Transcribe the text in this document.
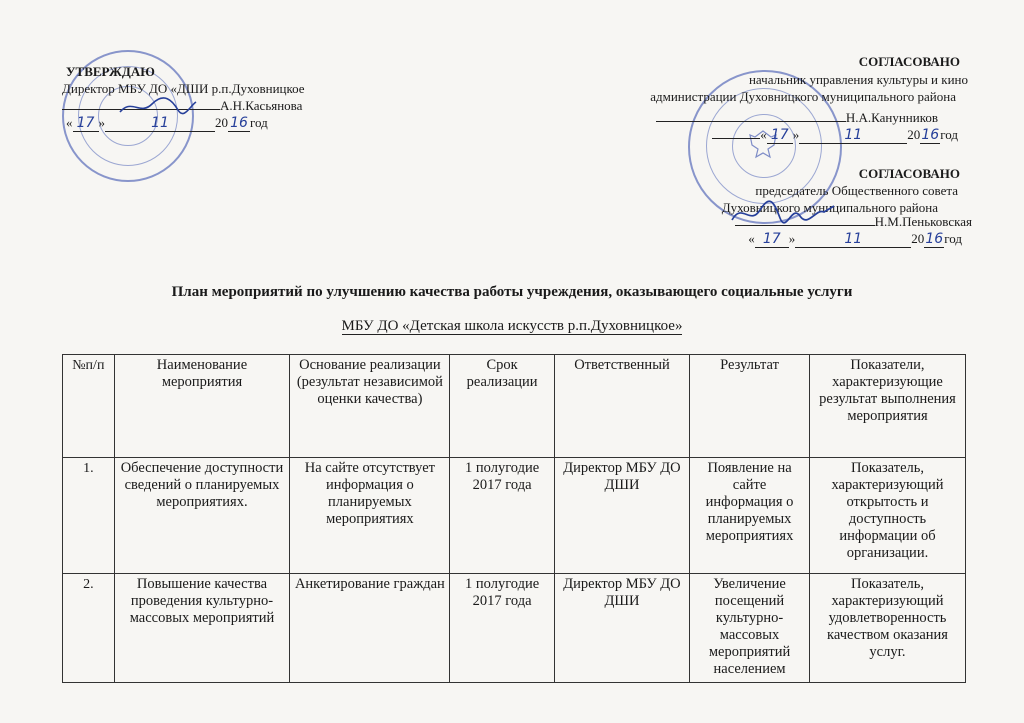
УТВЕРЖДАЮ
Директор МБУ ДО «ДШИ р.п.Духовницкое
А.Н.Касьянова
« 17 »	11	20 16 год
СОГЛАСОВАНО
начальник управления культуры и кино
администрации Духовницкого муниципального района
Н.А.Канунников
« 17 »	11	2016год
СОГЛАСОВАНО
председатель Общественного совета
Духовницкого муниципального района
Н.М.Пеньковская
« 17 »	11	2016год
План мероприятий по улучшению качества работы учреждения, оказывающего социальные услуги
МБУ ДО «Детская школа искусств р.п.Духовницкое»
№п/п	Наименование мероприятия	Основание реализации (результат независимой оценки качества)	Срок реализации	Ответственный	Результат	Показатели, характеризующие результат выполнения мероприятия
1.	Обеспечение доступности сведений о планируемых мероприятиях.	На сайте отсутствует информация о планируемых мероприятиях	1 полугодие 2017 года	Директор МБУ ДО ДШИ	Появление на сайте информация о планируемых мероприятиях	Показатель, характеризующий открытость и доступность информации об организации.
2.	Повышение качества проведения культурно-массовых мероприятий	Анкетирование граждан	1 полугодие 2017 года	Директор МБУ ДО ДШИ	Увеличение посещений культурно-массовых мероприятий населением	Показатель, характеризующий удовлетворенность качеством оказания услуг.
